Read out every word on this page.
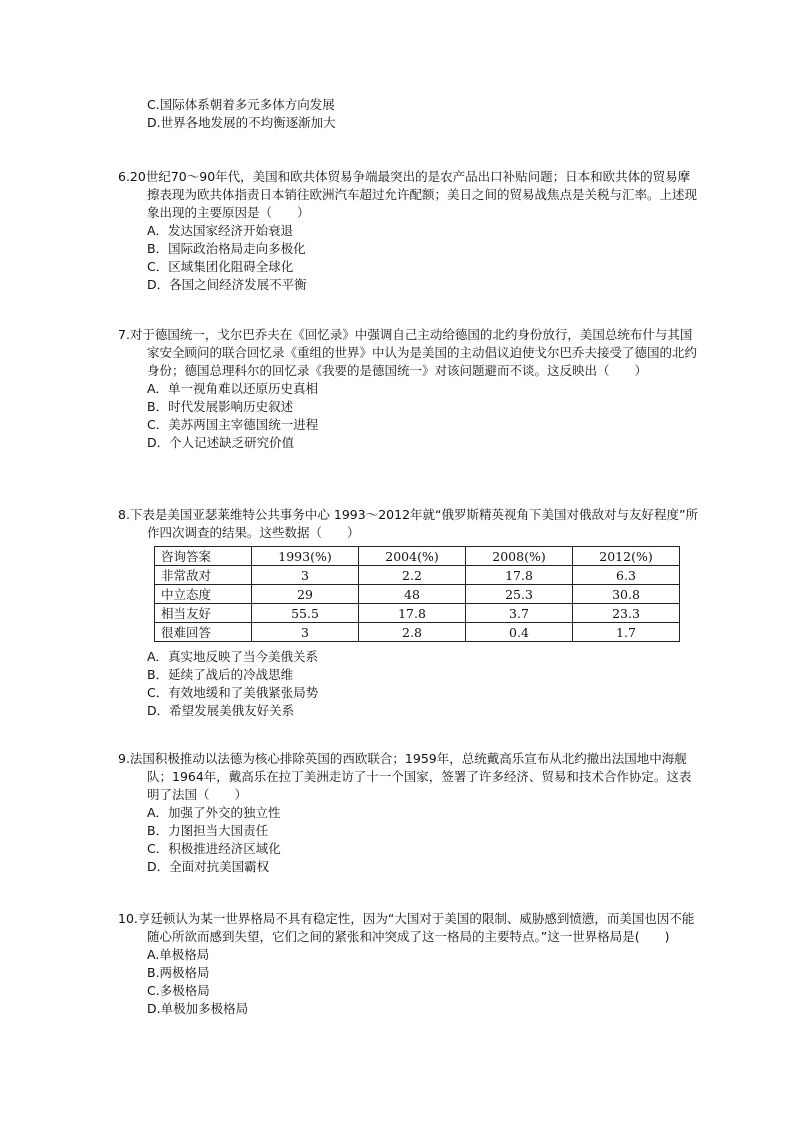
C.国际体系朝着多元多体方向发展

D.世界各地发展的不均衡逐渐加大

6.20世纪70～90年代，美国和欧共体贸易争端最突出的是农产品出口补贴问题；日本和欧共体的贸易摩擦表现为欧共体指责日本销往欧洲汽车超过允许配额；美日之间的贸易战焦点是关税与汇率。上述现象出现的主要原因是（　　）

A．发达国家经济开始衰退

B．国际政治格局走向多极化

C．区域集团化阻碍全球化

D．各国之间经济发展不平衡

7.对于德国统一，戈尔巴乔夫在《回忆录》中强调自己主动给德国的北约身份放行，美国总统布什与其国家安全顾问的联合回忆录《重组的世界》中认为是美国的主动倡议迫使戈尔巴乔夫接受了德国的北约身份；德国总理科尔的回忆录《我要的是德国统一》对该问题避而不谈。这反映出（　　）

A．单一视角难以还原历史真相

B．时代发展影响历史叙述

C．美苏两国主宰德国统一进程

D．个人记述缺乏研究价值

8.下表是美国亚瑟莱维特公共事务中心 1993～2012年就“俄罗斯精英视角下美国对俄敌对与友好程度”所作四次调查的结果。这些数据（　　）

咨询答案	1993(%)	2004(%)	2008(%)	2012(%)
非常敌对	3	2.2	17.8	6.3
中立态度	29	48	25.3	30.8
相当友好	55.5	17.8	3.7	23.3
很难回答	3	2.8	0.4	1.7

A．真实地反映了当今美俄关系

B．延续了战后的冷战思维

C．有效地缓和了美俄紧张局势

D．希望发展美俄友好关系

9.法国积极推动以法德为核心排除英国的西欧联合；1959年，总统戴高乐宣布从北约撤出法国地中海舰队；1964年，戴高乐在拉丁美洲走访了十一个国家，签署了许多经济、贸易和技术合作协定。这表明了法国（　　）

A．加强了外交的独立性

B．力图担当大国责任

C．积极推进经济区域化

D．全面对抗美国霸权

10.亨廷顿认为某一世界格局不具有稳定性，因为“大国对于美国的限制、威胁感到愤懑，而美国也因不能随心所欲而感到失望，它们之间的紧张和冲突成了这一格局的主要特点。”这一世界格局是(　　)

A.单极格局

B.两极格局

C.多极格局

D.单极加多极格局
